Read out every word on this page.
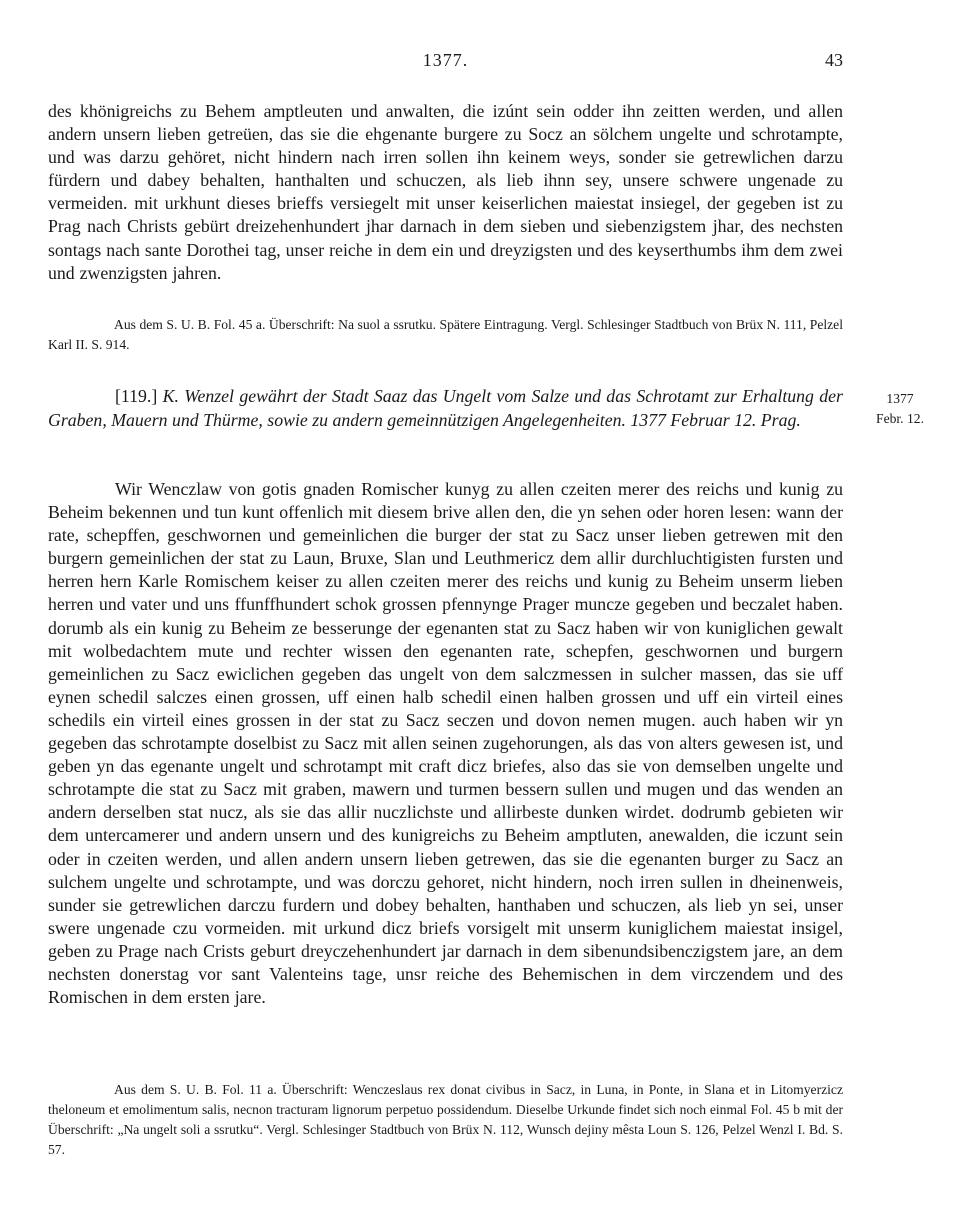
1377.	43

des khönigreichs zu Behem amptleuten und anwalten, die izúnt sein odder ihn zeitten werden, und allen andern unsern lieben getreüen, das sie die ehgenante burgere zu Socz an sölchem ungelte und schrotampte, und was darzu gehöret, nicht hindern nach irren sollen ihn keinem weys, sonder sie getrewlichen darzu fürdern und dabey behalten, hanthalten und schuczen, als lieb ihnn sey, unsere schwere ungenade zu vermeiden. mit urkhunt dieses brieffs versiegelt mit unser keiserlichen maiestat insiegel, der gegeben ist zu Prag nach Christs gebürt dreizehenhundert jhar darnach in dem sieben und siebenzigstem jhar, des nechsten sontags nach sante Dorothei tag, unser reiche in dem ein und dreyzigsten und des keyserthumbs ihm dem zwei und zwenzigsten jahren.

Aus dem S. U. B. Fol. 45 a. Überschrift: Na suol a ssrutku. Spätere Eintragung. Vergl. Schlesinger Stadtbuch von Brüx N. 111, Pelzel Karl II. S. 914.

[119.] K. Wenzel gewährt der Stadt Saaz das Ungelt vom Salze und das Schrotamt zur Erhaltung der Graben, Mauern und Thürme, sowie zu andern gemeinnützigen Angelegenheiten. 1377 Februar 12. Prag.

1377
Febr. 12.

Wir Wenczlaw von gotis gnaden Romischer kunyg zu allen czeiten merer des reichs und kunig zu Beheim bekennen und tun kunt offenlich mit diesem brive allen den, die yn sehen oder horen lesen: wann der rate, schepffen, geschwornen und gemeinlichen die burger der stat zu Sacz unser lieben getrewen mit den burgern gemeinlichen der stat zu Laun, Bruxe, Slan und Leuthmericz dem allir durchluchtigisten fursten und herren hern Karle Romischem keiser zu allen czeiten merer des reichs und kunig zu Beheim unserm lieben herren und vater und uns ffunffhundert schok grossen pfennynge Prager muncze gegeben und beczalet haben. dorumb als ein kunig zu Beheim ze besserunge der egenanten stat zu Sacz haben wir von kuniglichen gewalt mit wolbedachtem mute und rechter wissen den egenanten rate, schepfen, geschwornen und burgern gemeinlichen zu Sacz ewiclichen gegeben das ungelt von dem salczmessen in sulcher massen, das sie uff eynen schedil salczes einen grossen, uff einen halb schedil einen halben grossen und uff ein virteil eines schedils ein virteil eines grossen in der stat zu Sacz seczen und dovon nemen mugen. auch haben wir yn gegeben das schrotampte doselbist zu Sacz mit allen seinen zugehorungen, als das von alters gewesen ist, und geben yn das egenante ungelt und schrotampt mit craft dicz briefes, also das sie von demselben ungelte und schrotampte die stat zu Sacz mit graben, mawern und turmen bessern sullen und mugen und das wenden an andern derselben stat nucz, als sie das allir nuczlichste und allirbeste dunken wirdet. dodrumb gebieten wir dem untercamerer und andern unsern und des kunigreichs zu Beheim amptluten, anewalden, die iczunt sein oder in czeiten werden, und allen andern unsern lieben getrewen, das sie die egenanten burger zu Sacz an sulchem ungelte und schrotampte, und was dorczu gehoret, nicht hindern, noch irren sullen in dheinenweis, sunder sie getrewlichen darczu furdern und dobey behalten, hanthaben und schuczen, als lieb yn sei, unser swere ungenade czu vormeiden. mit urkund dicz briefs vorsigelt mit unserm kuniglichem maiestat insigel, geben zu Prage nach Crists geburt dreyczehenhundert jar darnach in dem sibenundsibenczigstem jare, an dem nechsten donerstag vor sant Valenteins tage, unsr reiche des Behemischen in dem virczendem und des Romischen in dem ersten jare.

Aus dem S. U. B. Fol. 11 a. Überschrift: Wenczeslaus rex donat civibus in Sacz, in Luna, in Ponte, in Slana et in Litomyerzicz theloneum et emolimentum salis, necnon tracturam lignorum perpetuo possidendum. Dieselbe Urkunde findet sich noch einmal Fol. 45 b mit der Überschrift: „Na ungelt soli a ssrutku“. Vergl. Schlesinger Stadtbuch von Brüx N. 112, Wunsch dejiny mêsta Loun S. 126, Pelzel Wenzl I. Bd. S. 57.
